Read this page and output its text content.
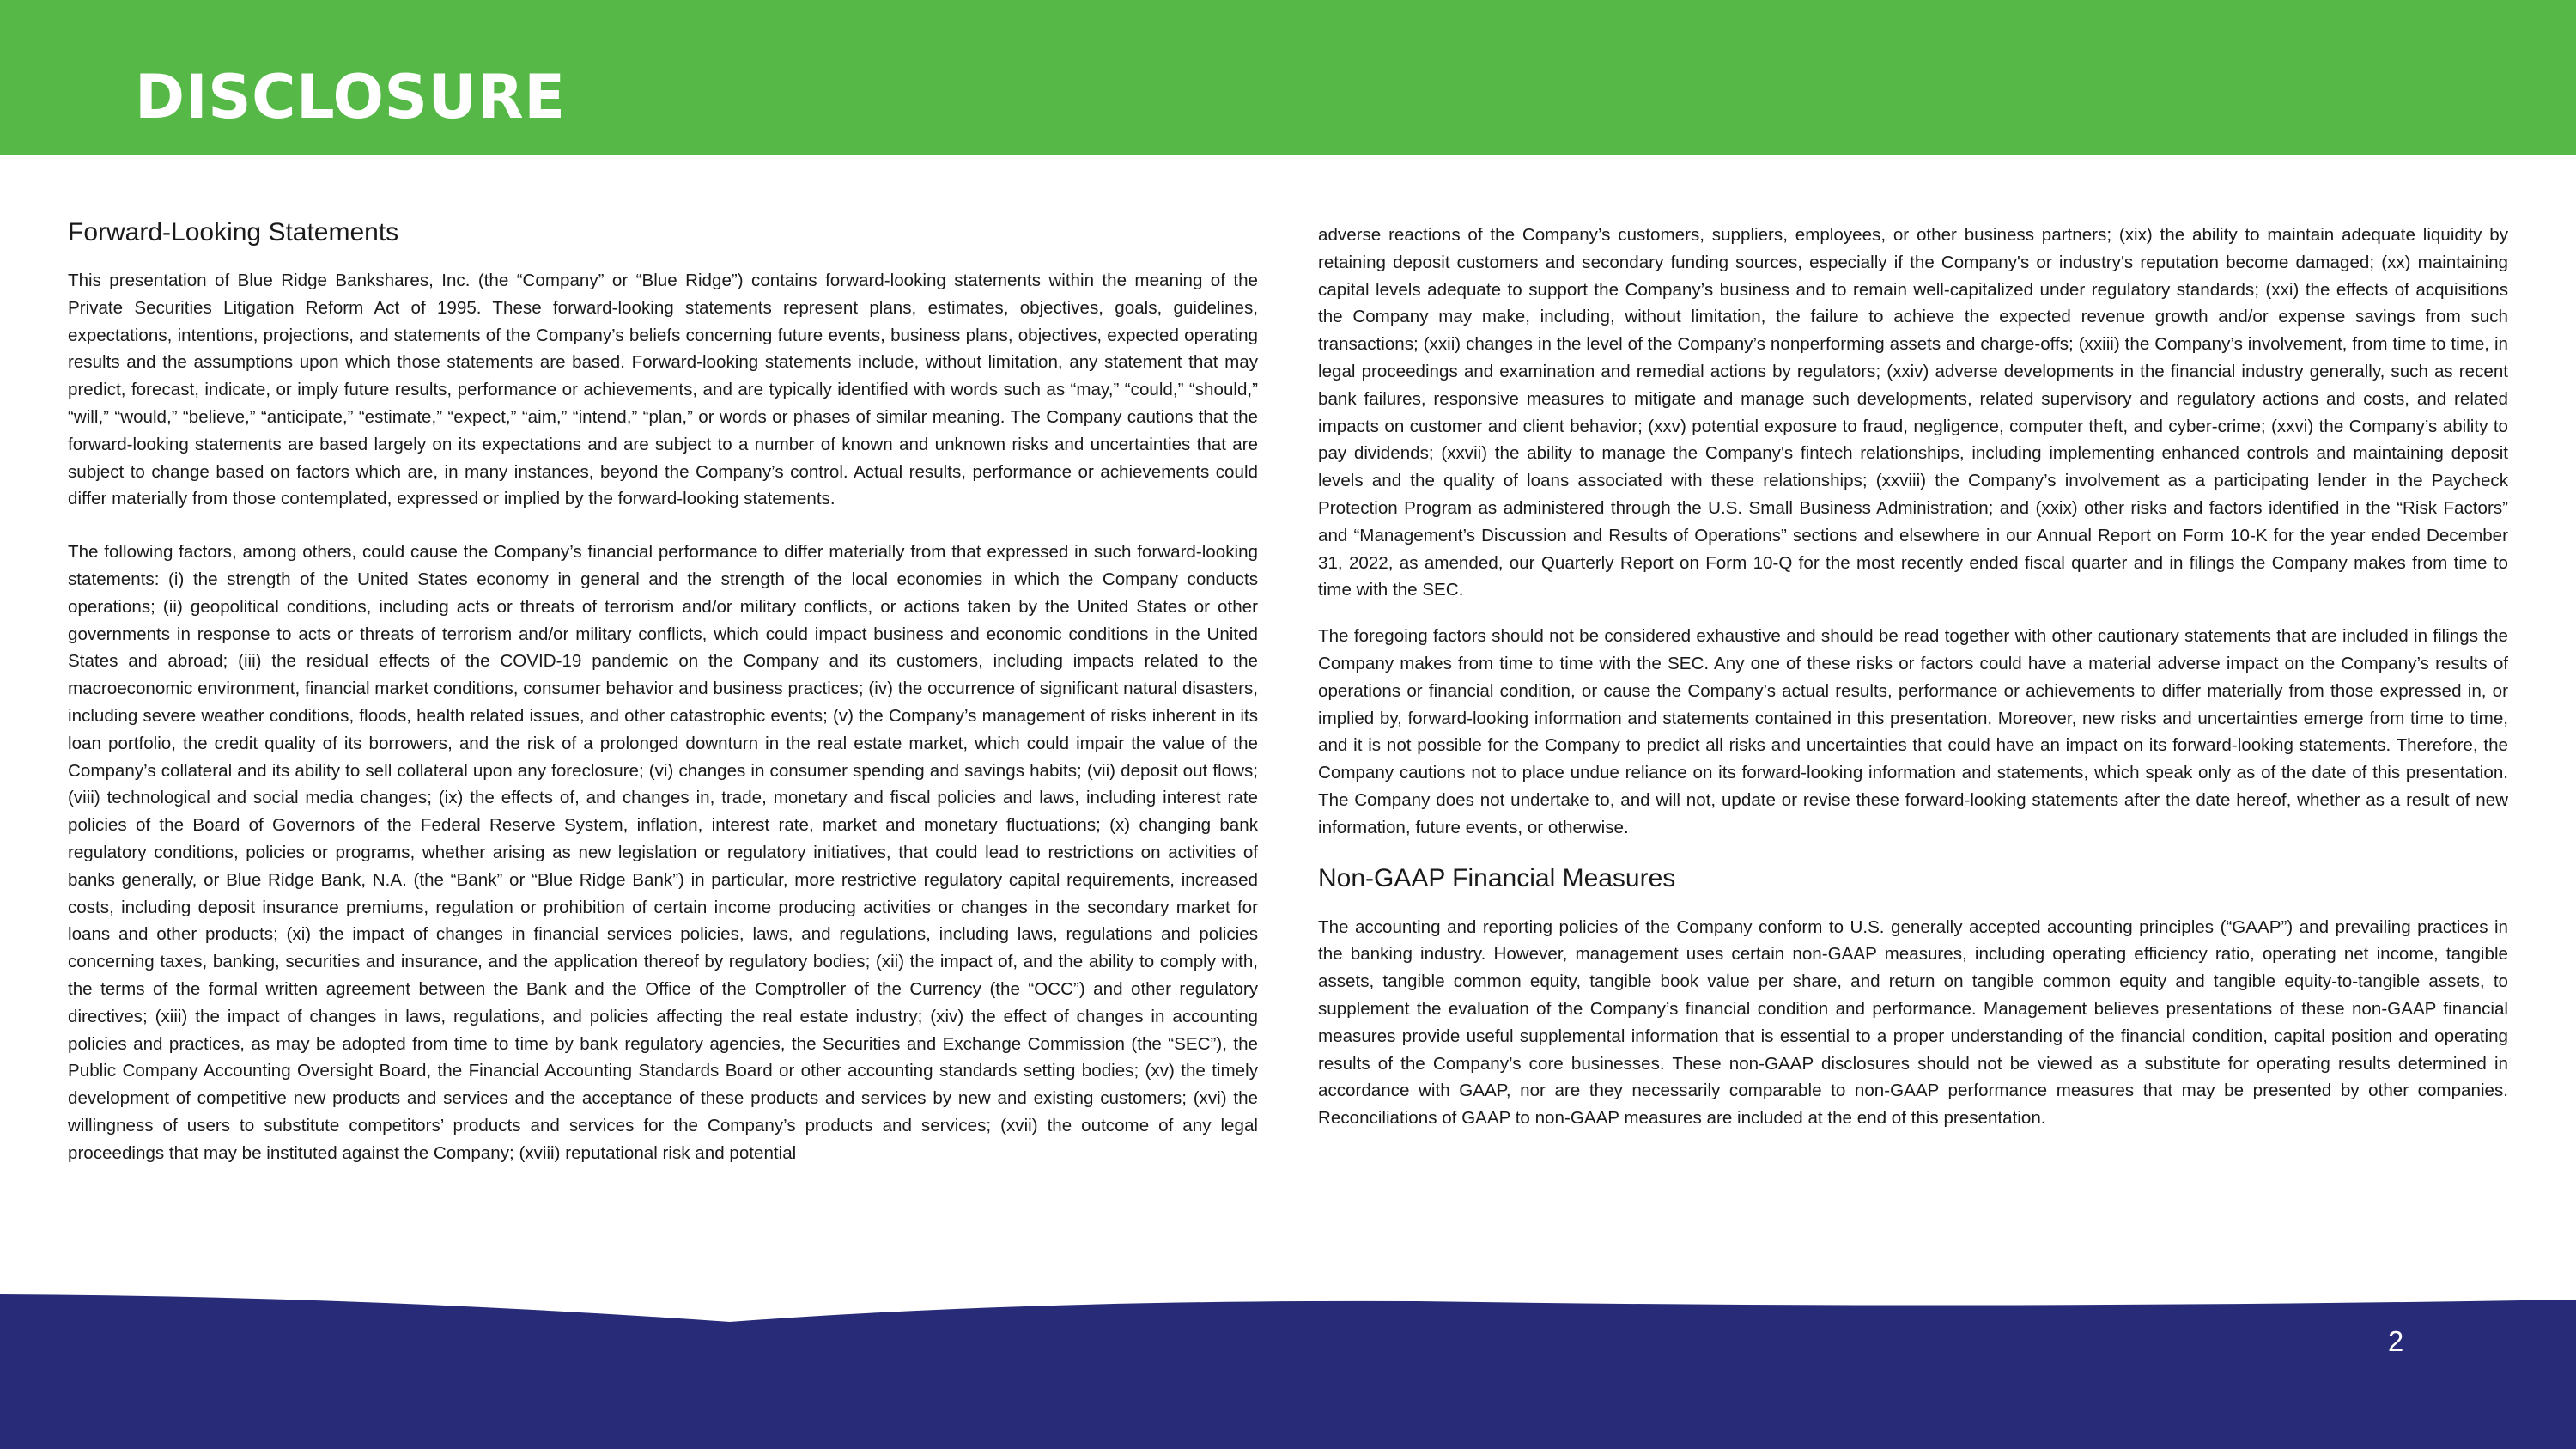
DISCLOSURE
Forward-Looking Statements

This presentation of Blue Ridge Bankshares, Inc. (the “Company” or “Blue Ridge”) contains forward-looking statements within the meaning of the Private Securities Litigation Reform Act of 1995. These forward-looking statements represent plans, estimates, objectives, goals, guidelines, expectations, intentions, projections, and statements of the Company’s beliefs concerning future events, business plans, objectives, expected operating results and the assumptions upon which those statements are based. Forward-looking statements include, without limitation, any statement that may predict, forecast, indicate, or imply future results, performance or achievements, and are typically identified with words such as “may,” “could,” “should,” “will,” “would,” “believe,” “anticipate,” “estimate,” “expect,” “aim,” “intend,” “plan,” or words or phases of similar meaning. The Company cautions that the forward-looking statements are based largely on its expectations and are subject to a number of known and unknown risks and uncertainties that are subject to change based on factors which are, in many instances, beyond the Company’s control. Actual results, performance or achievements could differ materially from those contemplated, expressed or implied by the forward-looking statements.

The following factors, among others, could cause the Company’s financial performance to differ materially from that expressed in such forward-looking statements: (i) the strength of the United States economy in general and the strength of the local economies in which the Company conducts operations; (ii) geopolitical conditions, including acts or threats of terrorism and/or military conflicts, or actions taken by the United States or other governments in response to acts or threats of terrorism and/or military conflicts, which could impact business and economic conditions in the United States and abroad; (iii) the residual effects of the COVID-19 pandemic on the Company and its customers, including impacts related to the macroeconomic environment, financial market conditions, consumer behavior and business practices; (iv) the occurrence of significant natural disasters, including severe weather conditions, floods, health related issues, and other catastrophic events; (v) the Company’s management of risks inherent in its loan portfolio, the credit quality of its borrowers, and the risk of a prolonged downturn in the real estate market, which could impair the value of the Company’s collateral and its ability to sell collateral upon any foreclosure; (vi) changes in consumer spending and savings habits; (vii) deposit out flows; (viii) technological and social media changes; (ix) the effects of, and changes in, trade, monetary and fiscal policies and laws, including interest rate policies of the Board of Governors of the Federal Reserve System, inflation, interest rate, market and monetary fluctuations; (x) changing bank regulatory conditions, policies or programs, whether arising as new legislation or regulatory initiatives, that could lead to restrictions on activities of banks generally, or Blue Ridge Bank, N.A. (the “Bank” or “Blue Ridge Bank”) in particular, more restrictive regulatory capital requirements, increased costs, including deposit insurance premiums, regulation or prohibition of certain income producing activities or changes in the secondary market for loans and other products; (xi) the impact of changes in financial services policies, laws, and regulations, including laws, regulations and policies concerning taxes, banking, securities and insurance, and the application thereof by regulatory bodies; (xii) the impact of, and the ability to comply with, the terms of the formal written agreement between the Bank and the Office of the Comptroller of the Currency (the “OCC”) and other regulatory directives; (xiii) the impact of changes in laws, regulations, and policies affecting the real estate industry; (xiv) the effect of changes in accounting policies and practices, as may be adopted from time to time by bank regulatory agencies, the Securities and Exchange Commission (the “SEC”), the Public Company Accounting Oversight Board, the Financial Accounting Standards Board or other accounting standards setting bodies; (xv) the timely development of competitive new products and services and the acceptance of these products and services by new and existing customers; (xvi) the willingness of users to substitute competitors’ products and services for the Company’s products and services; (xvii) the outcome of any legal proceedings that may be instituted against the Company; (xviii) reputational risk and potential

adverse reactions of the Company’s customers, suppliers, employees, or other business partners; (xix) the ability to maintain adequate liquidity by retaining deposit customers and secondary funding sources, especially if the Company's or industry's reputation become damaged; (xx) maintaining capital levels adequate to support the Company’s business and to remain well-capitalized under regulatory standards; (xxi) the effects of acquisitions the Company may make, including, without limitation, the failure to achieve the expected revenue growth and/or expense savings from such transactions; (xxii) changes in the level of the Company’s nonperforming assets and charge-offs; (xxiii) the Company’s involvement, from time to time, in legal proceedings and examination and remedial actions by regulators; (xxiv) adverse developments in the financial industry generally, such as recent bank failures, responsive measures to mitigate and manage such developments, related supervisory and regulatory actions and costs, and related impacts on customer and client behavior; (xxv) potential exposure to fraud, negligence, computer theft, and cyber-crime; (xxvi) the Company’s ability to pay dividends; (xxvii) the ability to manage the Company's fintech relationships, including implementing enhanced controls and maintaining deposit levels and the quality of loans associated with these relationships; (xxviii) the Company’s involvement as a participating lender in the Paycheck Protection Program as administered through the U.S. Small Business Administration; and (xxix) other risks and factors identified in the “Risk Factors” and “Management’s Discussion and Results of Operations” sections and elsewhere in our Annual Report on Form 10-K for the year ended December 31, 2022, as amended, our Quarterly Report on Form 10-Q for the most recently ended fiscal quarter and in filings the Company makes from time to time with the SEC.

The foregoing factors should not be considered exhaustive and should be read together with other cautionary statements that are included in filings the Company makes from time to time with the SEC. Any one of these risks or factors could have a material adverse impact on the Company’s results of operations or financial condition, or cause the Company’s actual results, performance or achievements to differ materially from those expressed in, or implied by, forward-looking information and statements contained in this presentation. Moreover, new risks and uncertainties emerge from time to time, and it is not possible for the Company to predict all risks and uncertainties that could have an impact on its forward-looking statements. Therefore, the Company cautions not to place undue reliance on its forward-looking information and statements, which speak only as of the date of this presentation. The Company does not undertake to, and will not, update or revise these forward-looking statements after the date hereof, whether as a result of new information, future events, or otherwise.

Non-GAAP Financial Measures

The accounting and reporting policies of the Company conform to U.S. generally accepted accounting principles (“GAAP”) and prevailing practices in the banking industry. However, management uses certain non-GAAP measures, including operating efficiency ratio, operating net income, tangible assets, tangible common equity, tangible book value per share, and return on tangible common equity and tangible equity-to-tangible assets, to supplement the evaluation of the Company’s financial condition and performance. Management believes presentations of these non-GAAP financial measures provide useful supplemental information that is essential to a proper understanding of the financial condition, capital position and operating results of the Company’s core businesses. These non-GAAP disclosures should not be viewed as a substitute for operating results determined in accordance with GAAP, nor are they necessarily comparable to non-GAAP performance measures that may be presented by other companies. Reconciliations of GAAP to non-GAAP measures are included at the end of this presentation.

2
